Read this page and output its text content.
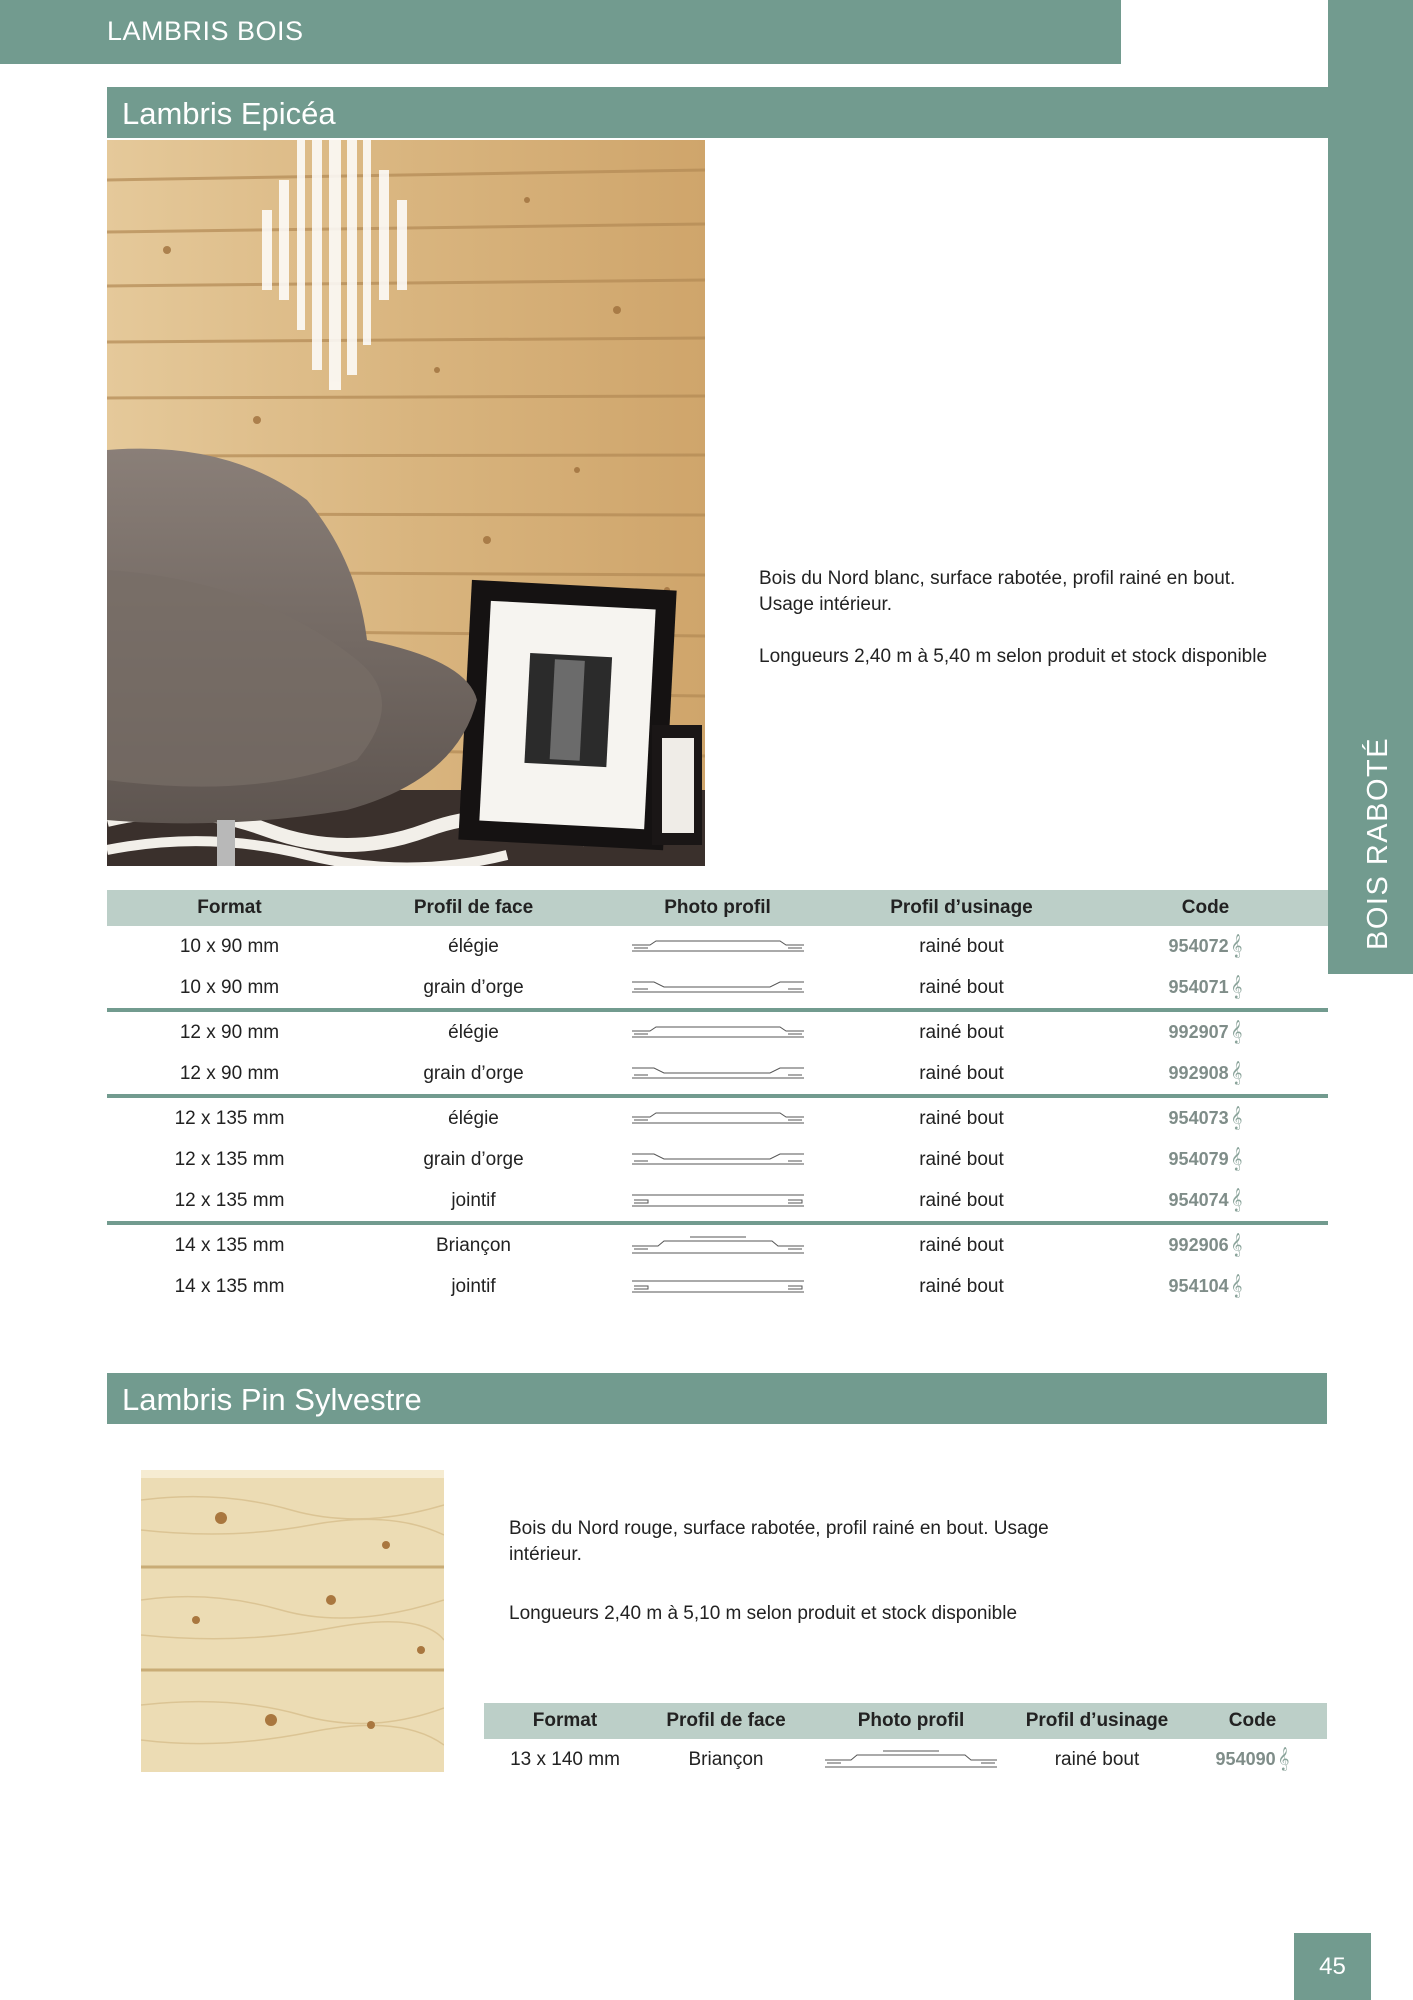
LAMBRIS BOIS
BOIS RABOTÉ
Lambris Epicéa

Bois du Nord blanc, surface rabotée, profil rainé en bout.

Usage intérieur.

Longueurs 2,40 m à 5,40 m selon produit et stock disponible

Format	Profil de face	Photo profil	Profil d’usinage	Code
10 x 90 mm	élégie		rainé bout	954072 𝄞
10 x 90 mm	grain d’orge		rainé bout	954071 𝄞
12 x 90 mm	élégie		rainé bout	992907 𝄞
12 x 90 mm	grain d’orge		rainé bout	992908 𝄞
12 x 135 mm	élégie		rainé bout	954073 𝄞
12 x 135 mm	grain d’orge		rainé bout	954079 𝄞
12 x 135 mm	jointif		rainé bout	954074 𝄞
14 x 135 mm	Briançon		rainé bout	992906 𝄞
14 x 135 mm	jointif		rainé bout	954104 𝄞
Lambris Pin Sylvestre

Bois du Nord rouge, surface rabotée, profil rainé en bout. Usage

intérieur.

Longueurs 2,40 m à 5,10 m selon produit et stock disponible

Format	Profil de face	Photo profil	Profil d’usinage	Code
13 x 140 mm	Briançon		rainé bout	954090 𝄞
45
